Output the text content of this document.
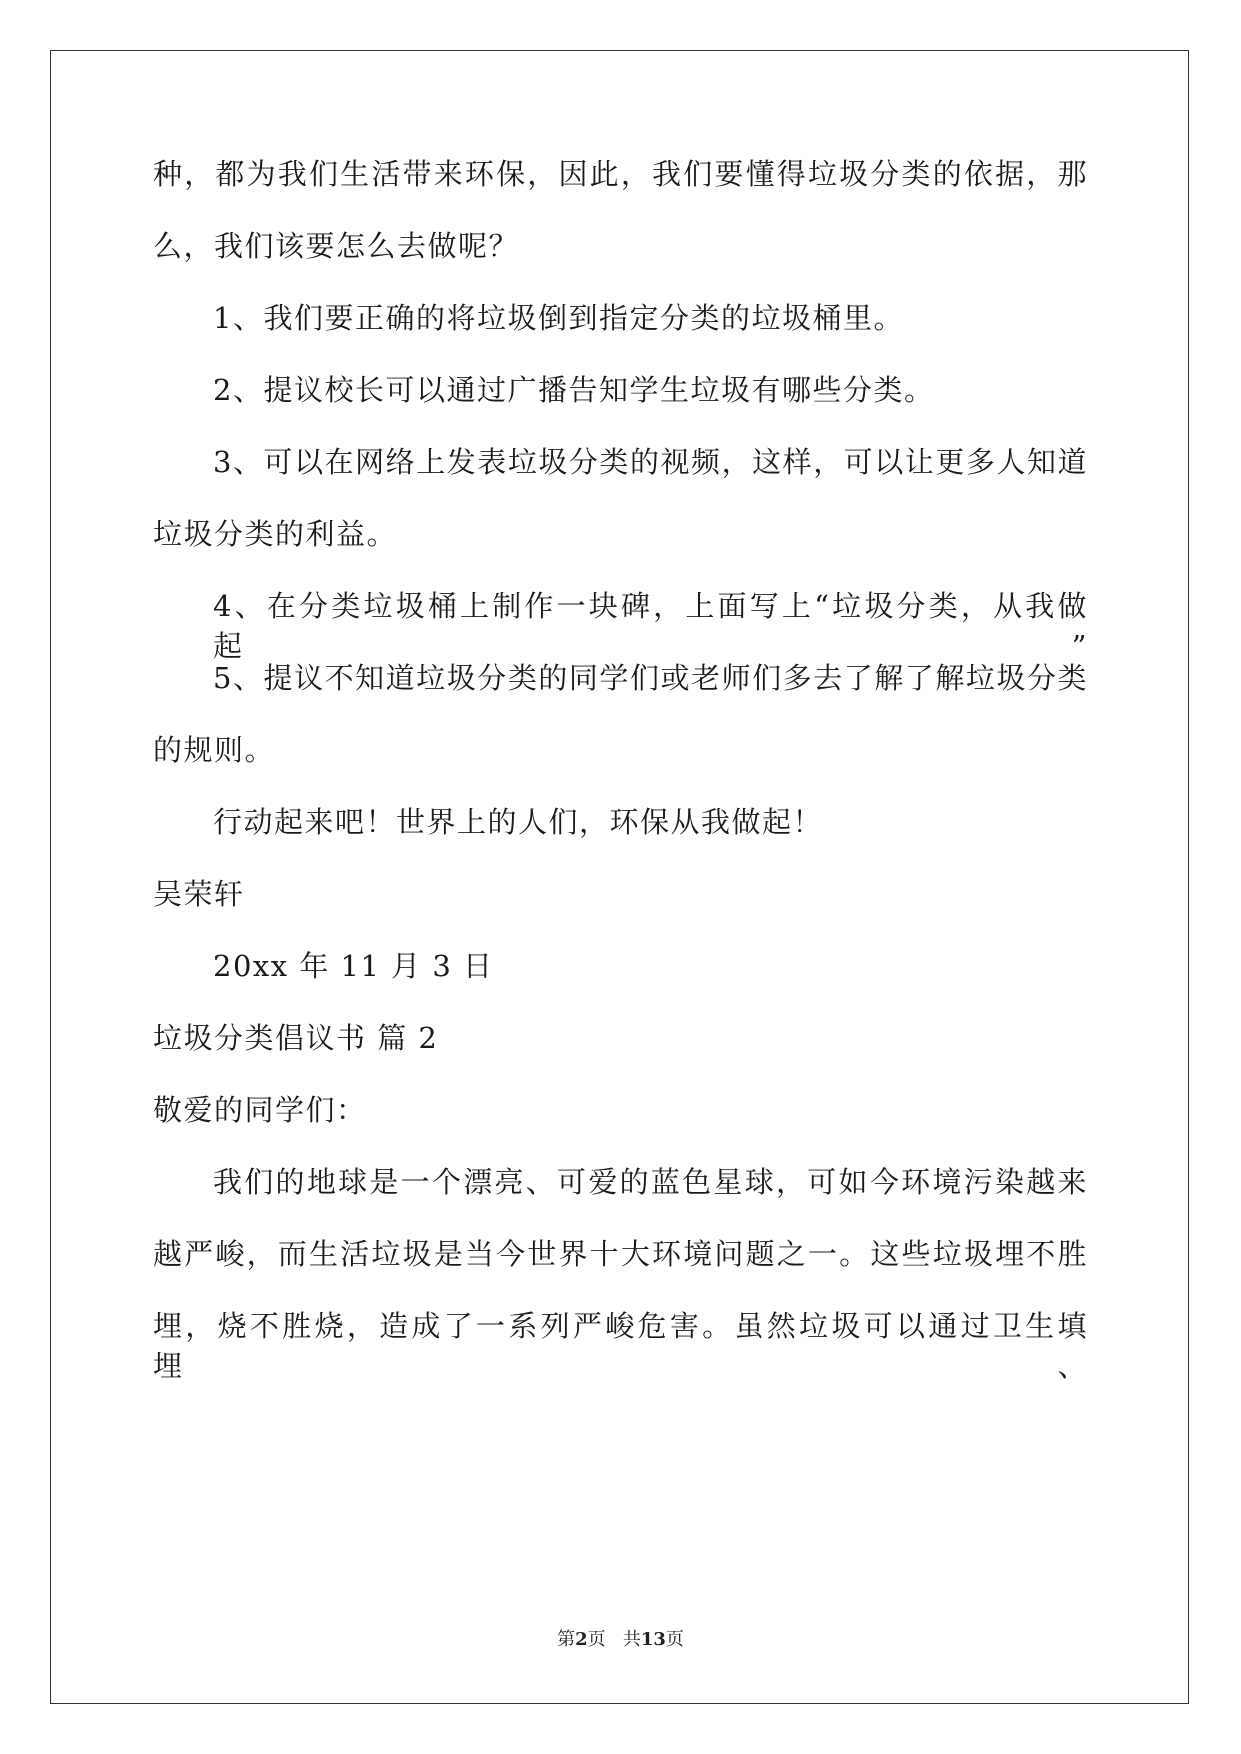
种，都为我们生活带来环保，因此，我们要懂得垃圾分类的依据，那
么，我们该要怎么去做呢？
1、我们要正确的将垃圾倒到指定分类的垃圾桶里。
2、提议校长可以通过广播告知学生垃圾有哪些分类。
3、可以在网络上发表垃圾分类的视频，这样，可以让更多人知道
垃圾分类的利益。
4、在分类垃圾桶上制作一块碑，上面写上“垃圾分类，从我做起”
5、提议不知道垃圾分类的同学们或老师们多去了解了解垃圾分类
的规则。
行动起来吧！世界上的人们，环保从我做起！
吴荣轩
20xx 年 11 月 3 日
垃圾分类倡议书 篇 2
敬爱的同学们：
我们的地球是一个漂亮、可爱的蓝色星球，可如今环境污染越来
越严峻，而生活垃圾是当今世界十大环境问题之一。这些垃圾埋不胜
埋，烧不胜烧，造成了一系列严峻危害。虽然垃圾可以通过卫生填埋、
第2页 共13页
